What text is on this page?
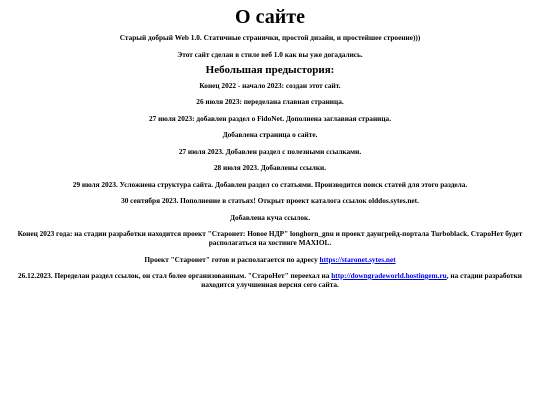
О сайте

Старый добрый Web 1.0. Статичные странички, простой дизайн, и простейшее строение)))

Этот сайт сделан в стиле веб 1.0 как вы уже догадались.

Небольшая предыстория:

Конец 2022 - начало 2023: создан этот сайт.

26 июля 2023: переделана главная страница.

27 июля 2023: добавлен раздел о FidoNet. Дополнена заглавная страница.

Добавлена страница о сайте.

27 июля 2023. Добавлен раздел с полезными ссылками.

28 июля 2023. Добавлены ссылки.

29 июля 2023. Усложнена структура сайта. Добавлен раздел со статьями. Производится поиск статей для этого раздела.

30 сентября 2023. Пополнение в статьях! Открыт проект каталога ссылок olddos.sytes.net.

Добавлена куча ссылок.

Конец 2023 года: на стадии разработки находится проект "Старонет: Новое НДР" longhorn_gnu и проект даунгрейд-портала Turboblack. СтароНет будет располагаться на хостинге MAXIOL.

Проект "Старонет" готов и располагается по адресу https://staronet.sytes.net

26.12.2023. Переделан раздел ссылок, он стал более организованным. "СтароНет" переехал на http://downgradeworld.hostingem.ru, на стадии разработки находится улучшенная версия сего сайта.
